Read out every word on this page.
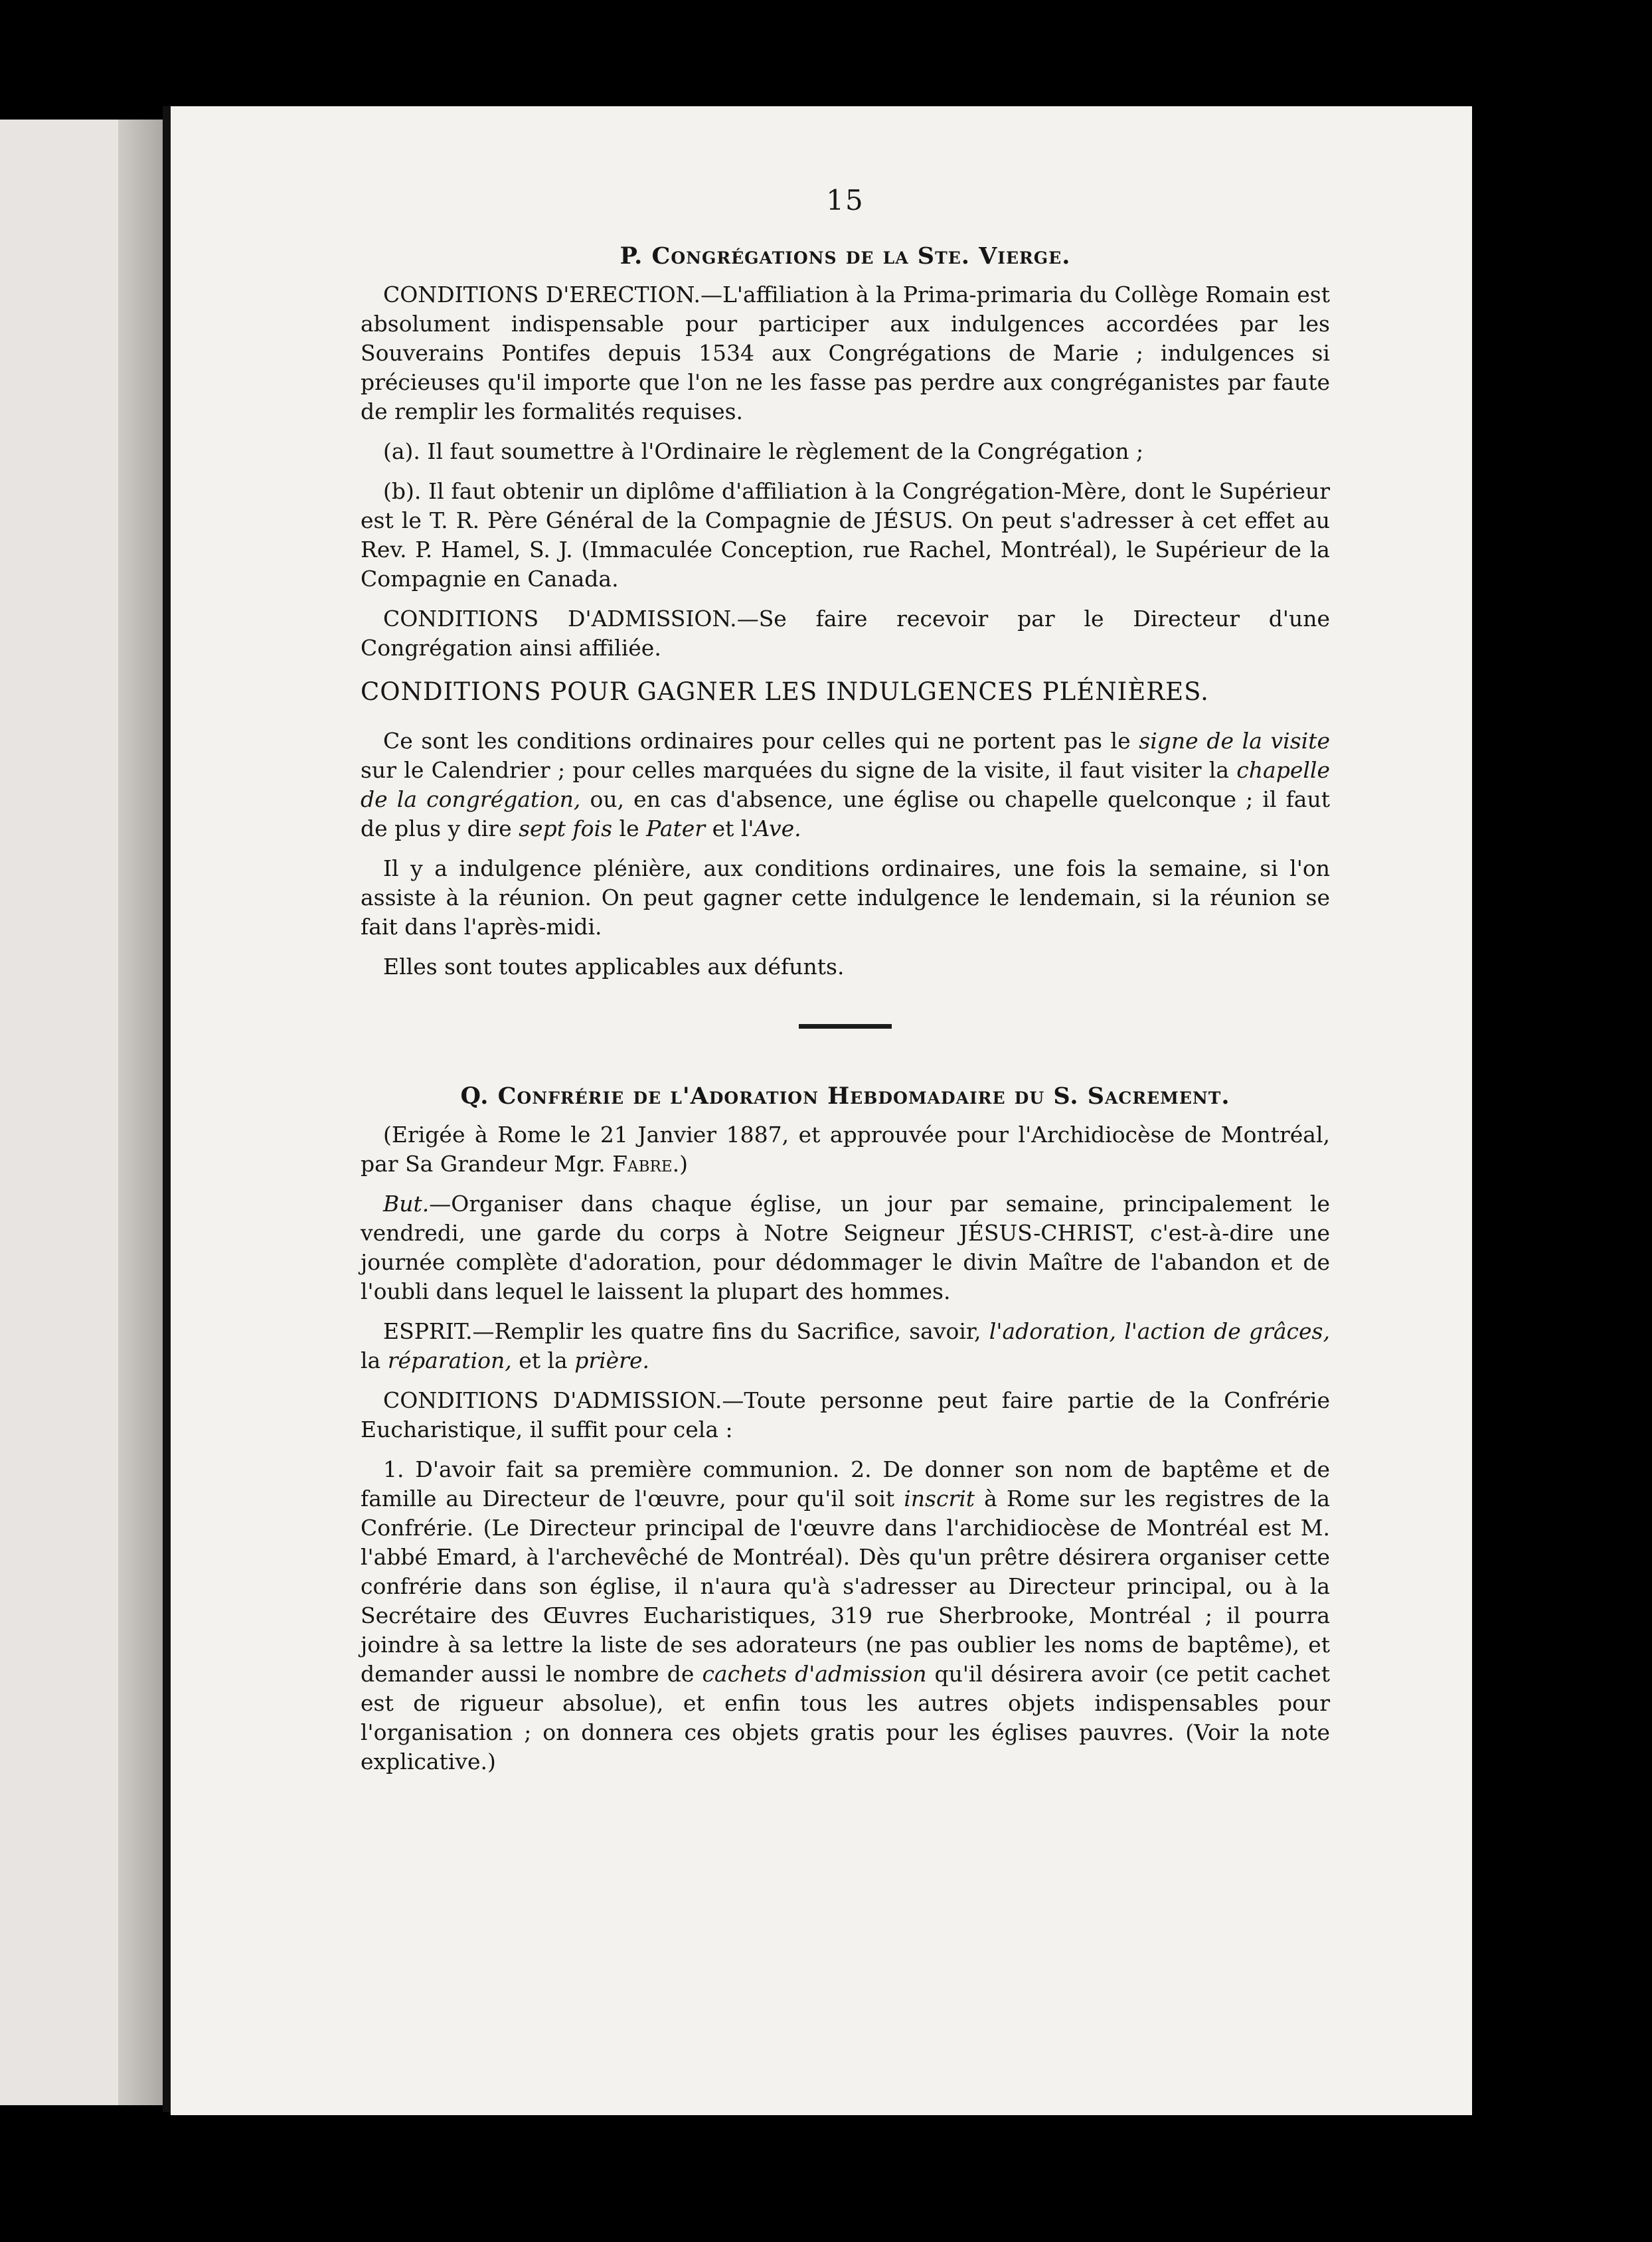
15
P. Congrégations de la Ste. Vierge.

CONDITIONS D'ERECTION.—L'affiliation à la Prima-primaria du Collège Romain est absolument indispensable pour participer aux indulgences accordées par les Souverains Pontifes depuis 1534 aux Congrégations de Marie ; indulgences si précieuses qu'il importe que l'on ne les fasse pas perdre aux congréganistes par faute de remplir les formalités requises.

(a). Il faut soumettre à l'Ordinaire le règlement de la Congrégation ;

(b). Il faut obtenir un diplôme d'affiliation à la Congrégation-Mère, dont le Supérieur est le T. R. Père Général de la Compagnie de JÉSUS. On peut s'adresser à cet effet au Rev. P. Hamel, S. J. (Immaculée Conception, rue Rachel, Montréal), le Supérieur de la Compagnie en Canada.

CONDITIONS D'ADMISSION.—Se faire recevoir par le Directeur d'une Congrégation ainsi affiliée.

CONDITIONS POUR GAGNER LES INDULGENCES PLÉNIÈRES.

Ce sont les conditions ordinaires pour celles qui ne portent pas le signe de la visite sur le Calendrier ; pour celles marquées du signe de la visite, il faut visiter la chapelle de la congrégation, ou, en cas d'absence, une église ou chapelle quelconque ; il faut de plus y dire sept fois le Pater et l'Ave.

Il y a indulgence plénière, aux conditions ordinaires, une fois la semaine, si l'on assiste à la réunion. On peut gagner cette indulgence le lendemain, si la réunion se fait dans l'après-midi.

Elles sont toutes applicables aux défunts.

Q. Confrérie de l'Adoration Hebdomadaire du S. Sacrement.

(Erigée à Rome le 21 Janvier 1887, et approuvée pour l'Archidiocèse de Montréal, par Sa Grandeur Mgr. Fabre.)

But.—Organiser dans chaque église, un jour par semaine, principalement le vendredi, une garde du corps à Notre Seigneur JÉSUS-CHRIST, c'est-à-dire une journée complète d'adoration, pour dédommager le divin Maître de l'abandon et de l'oubli dans lequel le laissent la plupart des hommes.

ESPRIT.—Remplir les quatre fins du Sacrifice, savoir, l'adoration, l'action de grâces, la réparation, et la prière.

CONDITIONS D'ADMISSION.—Toute personne peut faire partie de la Confrérie Eucharistique, il suffit pour cela :

1. D'avoir fait sa première communion. 2. De donner son nom de baptême et de famille au Directeur de l'œuvre, pour qu'il soit inscrit à Rome sur les registres de la Confrérie. (Le Directeur principal de l'œuvre dans l'archidiocèse de Montréal est M. l'abbé Emard, à l'archevêché de Montréal). Dès qu'un prêtre désirera organiser cette confrérie dans son église, il n'aura qu'à s'adresser au Directeur principal, ou à la Secrétaire des Œuvres Eucharistiques, 319 rue Sherbrooke, Montréal ; il pourra joindre à sa lettre la liste de ses adorateurs (ne pas oublier les noms de baptême), et demander aussi le nombre de cachets d'admission qu'il désirera avoir (ce petit cachet est de rigueur absolue), et enfin tous les autres objets indispensables pour l'organisation ; on donnera ces objets gratis pour les églises pauvres. (Voir la note explicative.)
